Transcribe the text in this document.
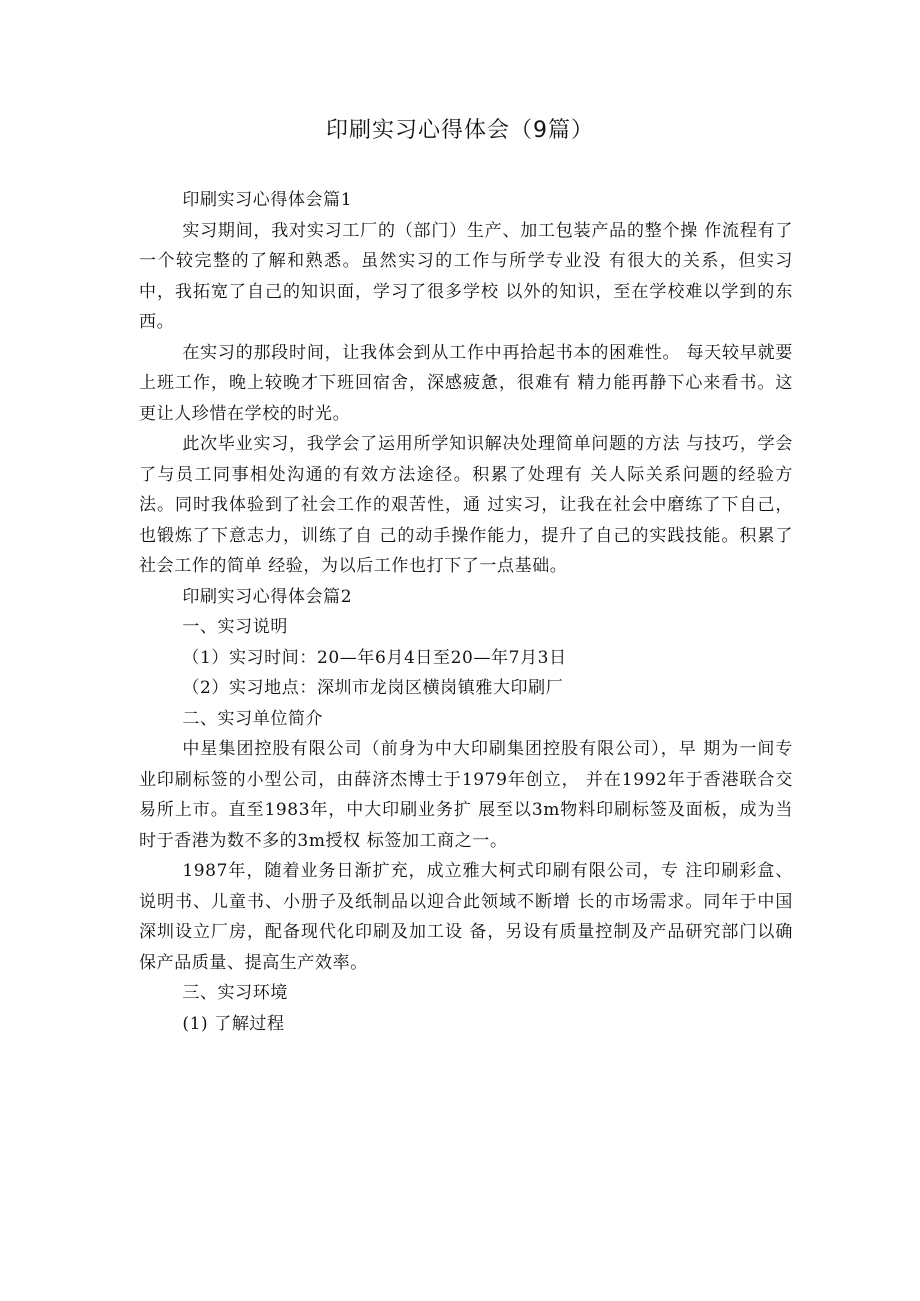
印刷实习心得体会（9篇）

印刷实习心得体会篇1

实习期间，我对实习工厂的（部门）生产、加工包装产品的整个操 作流程有了一个较完整的了解和熟悉。虽然实习的工作与所学专业没 有很大的关系，但实习中，我拓宽了自己的知识面，学习了很多学校 以外的知识，至在学校难以学到的东西。

在实习的那段时间，让我体会到从工作中再拾起书本的困难性。 每天较早就要上班工作，晚上较晚才下班回宿舍，深感疲惫，很难有 精力能再静下心来看书。这更让人珍惜在学校的时光。

此次毕业实习，我学会了运用所学知识解决处理简单问题的方法 与技巧，学会了与员工同事相处沟通的有效方法途径。积累了处理有 关人际关系问题的经验方法。同时我体验到了社会工作的艰苦性，通 过实习，让我在社会中磨练了下自己，也锻炼了下意志力，训练了自 己的动手操作能力，提升了自己的实践技能。积累了社会工作的简单 经验，为以后工作也打下了一点基础。

印刷实习心得体会篇2

一、实习说明

（1）实习时间：20—年6月4日至20—年7月3日

（2）实习地点：深圳市龙岗区横岗镇雅大印刷厂

二、实习单位简介

中星集团控股有限公司（前身为中大印刷集团控股有限公司），早 期为一间专业印刷标签的小型公司，由薛济杰博士于1979年创立， 并在1992年于香港联合交易所上市。直至1983年，中大印刷业务扩 展至以3m物料印刷标签及面板，成为当时于香港为数不多的3m授权 标签加工商之一。

1987年，随着业务日渐扩充，成立雅大柯式印刷有限公司，专 注印刷彩盒、说明书、儿童书、小册子及纸制品以迎合此领域不断增 长的市场需求。同年于中国深圳设立厂房，配备现代化印刷及加工设 备，另设有质量控制及产品研究部门以确保产品质量、提高生产效率。

三、实习环境

(1) 了解过程
